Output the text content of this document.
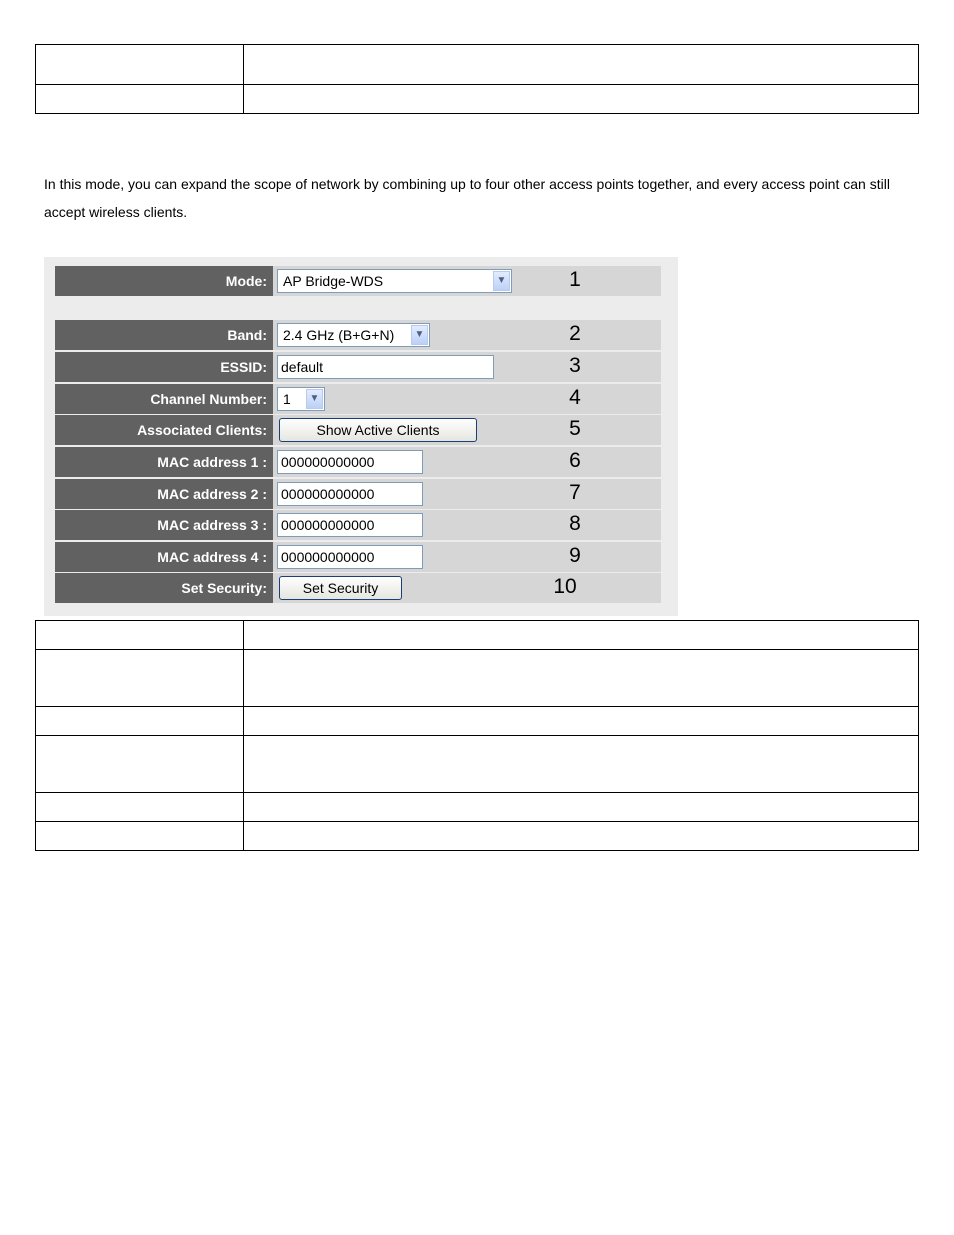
In this mode, you can expand the scope of network by combining up to four other access points together, and every access point can still accept wireless clients.

Mode:	AP Bridge-WDS	▼	1
Band:	2.4 GHz (B+G+N)	▼	2
ESSID:	default	3
Channel Number:	1	▼	4
Associated Clients:	Show Active Clients	5
MAC address 1 :	000000000000	6
MAC address 2 :	000000000000	7
MAC address 3 :	000000000000	8
MAC address 4 :	000000000000	9
Set Security:	Set Security	10
